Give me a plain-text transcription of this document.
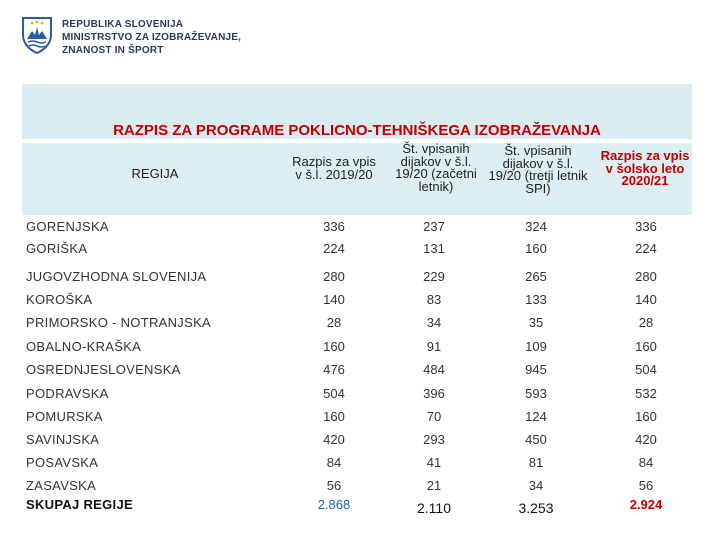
REPUBLIKA SLOVENIJA
MINISTRSTVO ZA IZOBRAŽEVANJE,
ZNANOST IN ŠPORT
RAZPIS ZA PROGRAME POKLICNO-TEHNIŠKEGA IZOBRAŽEVANJA
REGIJA
Razpis za vpis v š.l. 2019/20
Št. vpisanih dijakov v š.l. 19/20 (začetni letnik)
Št. vpisanih dijakov v š.l. 19/20 (tretji letnik SPI)
Razpis za vpis v šolsko leto 2020/21
GORENJSKA	336	237	324	336
GORIŠKA	224	131	160	224
JUGOVZHODNA SLOVENIJA	280	229	265	280
KOROŠKA	140	83	133	140
PRIMORSKO - NOTRANJSKA	28	34	35	28
OBALNO-KRAŠKA	160	91	109	160
OSREDNJESLOVENSKA	476	484	945	504
PODRAVSKA	504	396	593	532
POMURSKA	160	70	124	160
SAVINJSKA	420	293	450	420
POSAVSKA	84	41	81	84
ZASAVSKA	56	21	34	56
SKUPAJ REGIJE	2.868	2.110	3.253	2.924
